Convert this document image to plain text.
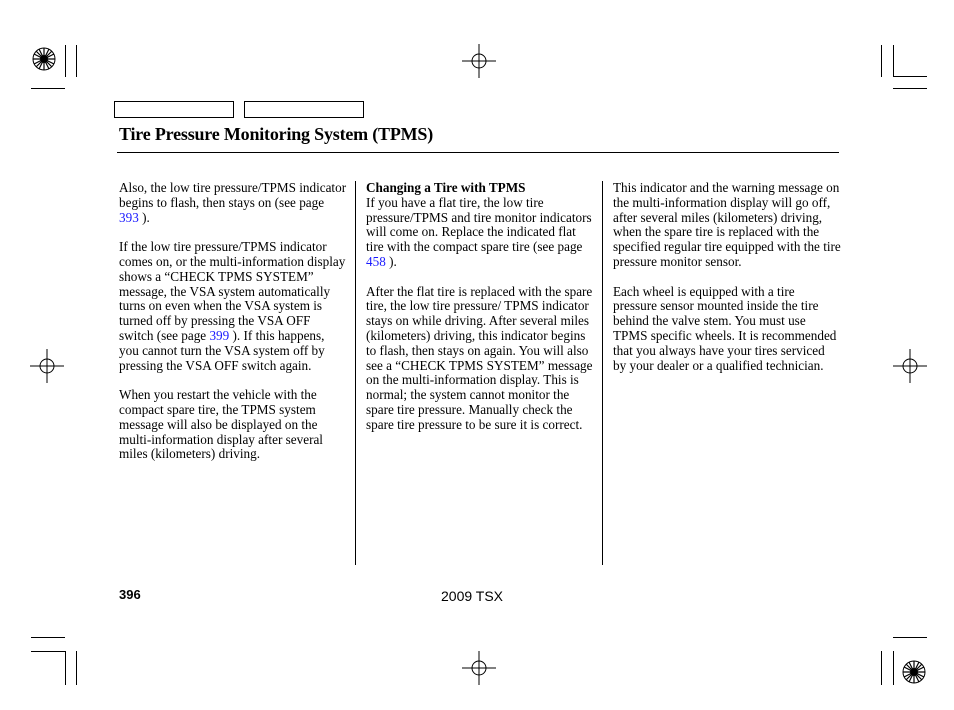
Tire Pressure Monitoring System (TPMS)

Also, the low tire pressure/TPMS indicator begins to flash, then stays on (see page 393 ).

If the low tire pressure/TPMS indicator comes on, or the multi-information display shows a “CHECK TPMS SYSTEM” message, the VSA system automatically turns on even when the VSA system is turned off by pressing the VSA OFF switch (see page 399 ). If this happens, you cannot turn the VSA system off by pressing the VSA OFF switch again.

When you restart the vehicle with the compact spare tire, the TPMS system message will also be displayed on the multi-information display after several miles (kilometers) driving.

Changing a Tire with TPMS
If you have a flat tire, the low tire pressure/TPMS and tire monitor indicators will come on. Replace the indicated flat tire with the compact spare tire (see page 458 ).

After the flat tire is replaced with the spare tire, the low tire pressure/ TPMS indicator stays on while driving. After several miles (kilometers) driving, this indicator begins to flash, then stays on again. You will also see a “CHECK TPMS SYSTEM” message on the multi-information display. This is normal; the system cannot monitor the spare tire pressure. Manually check the spare tire pressure to be sure it is correct.

This indicator and the warning message on the multi-information display will go off, after several miles (kilometers) driving, when the spare tire is replaced with the specified regular tire equipped with the tire pressure monitor sensor.

Each wheel is equipped with a tire pressure sensor mounted inside the tire behind the valve stem. You must use TPMS specific wheels. It is recommended that you always have your tires serviced by your dealer or a qualified technician.

396	2009 TSX
